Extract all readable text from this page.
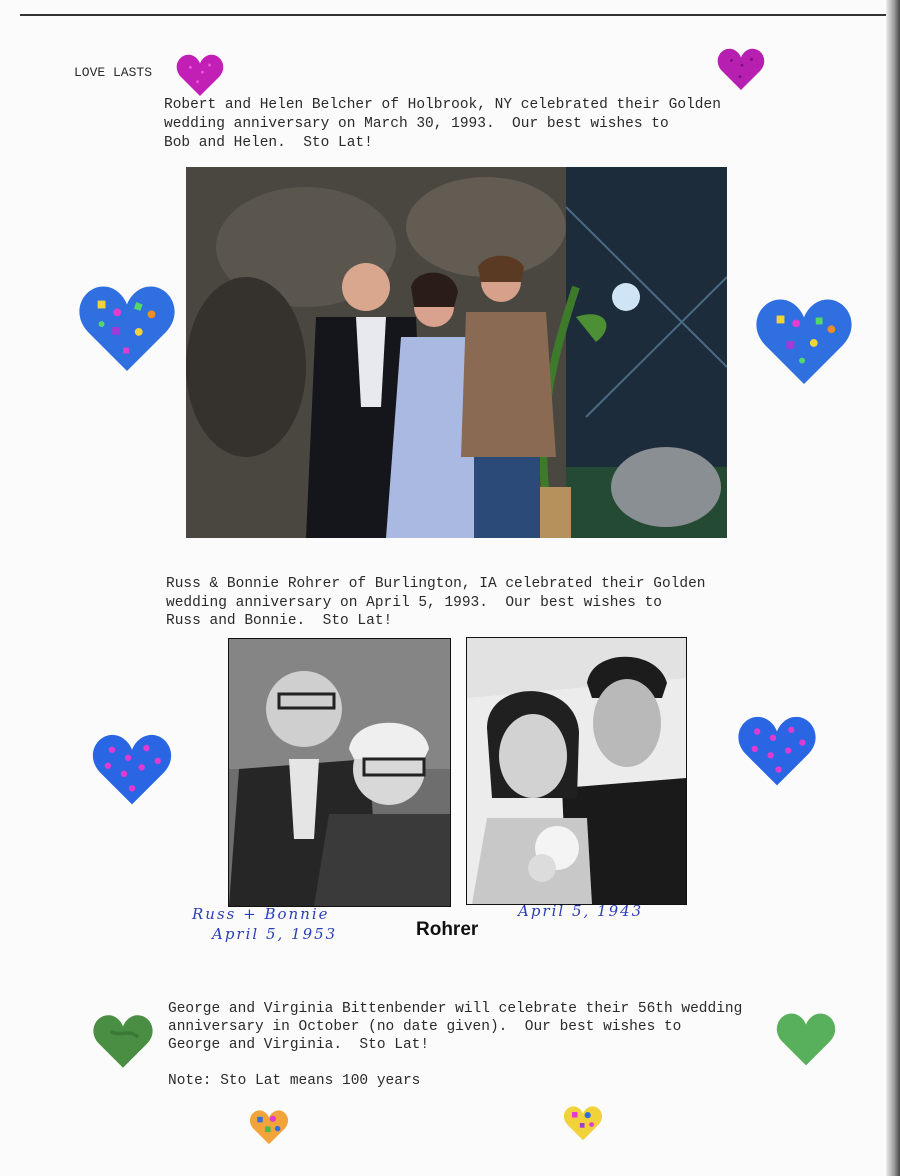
LOVE LASTS
Robert and Helen Belcher of Holbrook, NY celebrated their Golden
wedding anniversary on March 30, 1993.  Our best wishes to
Bob and Helen.  Sto Lat!
Russ & Bonnie Rohrer of Burlington, IA celebrated their Golden
wedding anniversary on April 5, 1993.  Our best wishes to
Russ and Bonnie.  Sto Lat!
Russ + Bonnie
April 5, 1953	Rohrer
April 5, 1943
George and Virginia Bittenbender will celebrate their 56th wedding
anniversary in October (no date given).  Our best wishes to
George and Virginia.  Sto Lat!
Note: Sto Lat means 100 years
